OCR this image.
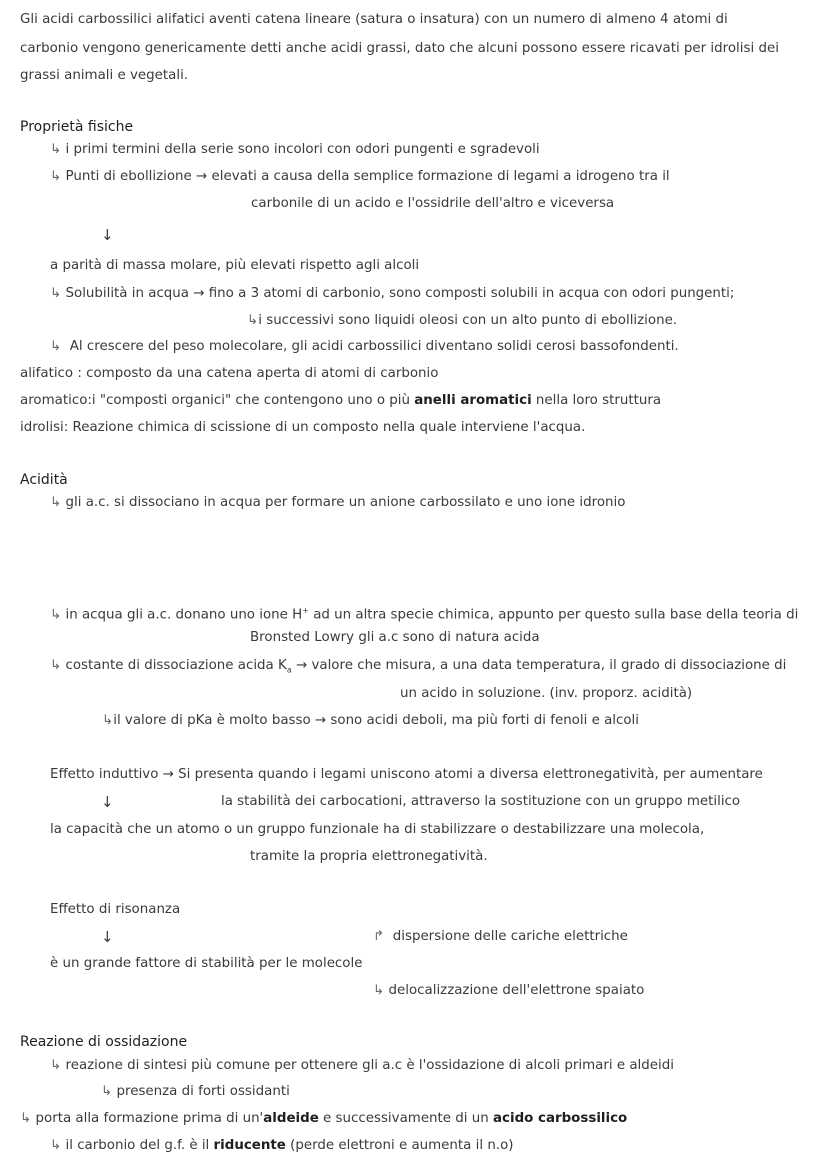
Gli acidi carbossilici alifatici aventi catena lineare (satura o insatura) con un numero di almeno 4 atomi di
carbonio vengono genericamente detti anche acidi grassi, dato che alcuni possono essere ricavati per idrolisi dei
grassi animali e vegetali.
Proprietà fisiche
↳ i primi termini della serie sono incolori con odori pungenti e sgradevoli
↳ Punti di ebollizione → elevati a causa della semplice formazione di legami a idrogeno tra il
carbonile di un acido e l'ossidrile dell'altro e viceversa
↓
a parità di massa molare, più elevati rispetto agli alcoli
↳ Solubilità in acqua → fino a 3 atomi di carbonio, sono composti solubili in acqua con odori pungenti;
↳i successivi sono liquidi oleosi con un alto punto di ebollizione.
↳ Al crescere del peso molecolare, gli acidi carbossilici diventano solidi cerosi bassofondenti.
alifatico : composto da una catena aperta di atomi di carbonio
aromatico:i "composti organici" che contengono uno o più anelli aromatici nella loro struttura
idrolisi: Reazione chimica di scissione di un composto nella quale interviene l'acqua.
Acidità
↳ gli a.c. si dissociano in acqua per formare un anione carbossilato e uno ione idronio
↳ in acqua gli a.c. donano uno ione H+ ad un altra specie chimica, appunto per questo sulla base della teoria di
Bronsted Lowry gli a.c sono di natura acida
↳ costante di dissociazione acida $K_a$ → valore che misura, a una data temperatura, il grado di dissociazione di
un acido in soluzione. (inv. proporz. acidità)
↳il valore di pKa è molto basso → sono acidi deboli, ma più forti di fenoli e alcoli
Effetto induttivo → Si presenta quando i legami uniscono atomi a diversa elettronegatività, per aumentare
↓	la stabilità dei carbocationi, attraverso la sostituzione con un gruppo metilico
la capacità che un atomo o un gruppo funzionale ha di stabilizzare o destabilizzare una molecola,
tramite la propria elettronegatività.
Effetto di risonanza
↓	↱ dispersione delle cariche elettriche
è un grande fattore di stabilità per le molecole
↳ delocalizzazione dell'elettrone spaiato
Reazione di ossidazione
↳ reazione di sintesi più comune per ottenere gli a.c è l'ossidazione di alcoli primari e aldeidi
↳ presenza di forti ossidanti
↳ porta alla formazione prima di un'aldeide e successivamente di un acido carbossilico
↳ il carbonio del g.f. è il riducente (perde elettroni e aumenta il n.o)
